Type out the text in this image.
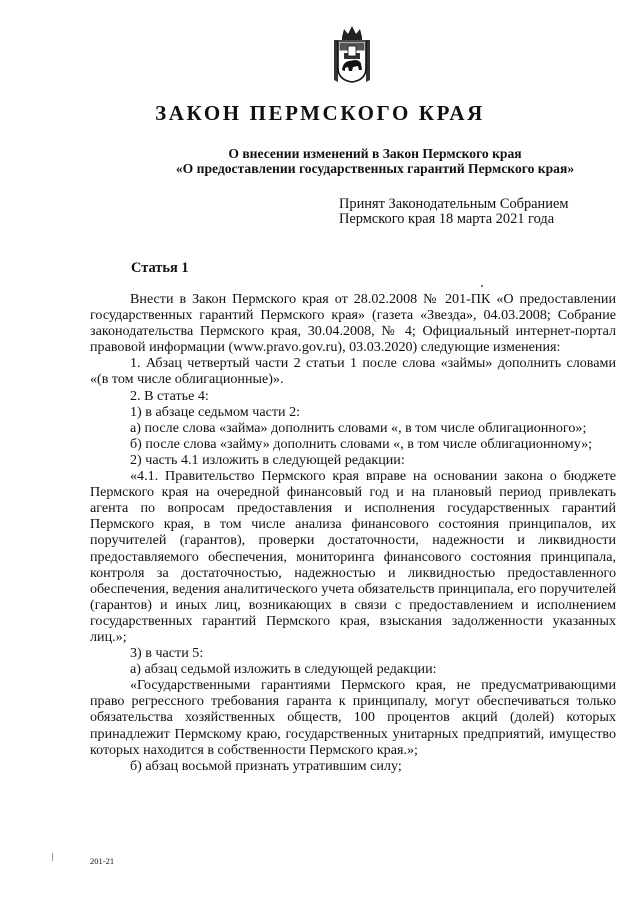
ЗАКОН ПЕРМСКОГО КРАЯ
О внесении изменений в Закон Пермского края
«О предоставлении государственных гарантий Пермского края»
Принят Законодательным Собранием
Пермского края 18 марта 2021 года
Статья 1

Внести в Закон Пермского края от 28.02.2008 № 201-ПК «О предоставлении государственных гарантий Пермского края» (газета «Звезда», 04.03.2008; Собрание законодательства Пермского края, 30.04.2008, № 4; Официальный интернет-портал правовой информации (www.pravo.gov.ru), 03.03.2020) следующие изменения:

1. Абзац четвертый части 2 статьи 1 после слова «займы» дополнить словами «(в том числе облигационные)».

2. В статье 4:

1) в абзаце седьмом части 2:

а) после слова «займа» дополнить словами «, в том числе облигационного»;

б) после слова «займу» дополнить словами «, в том числе облигационному»;

2) часть 4.1 изложить в следующей редакции:

«4.1. Правительство Пермского края вправе на основании закона о бюджете Пермского края на очередной финансовый год и на плановый период привлекать агента по вопросам предоставления и исполнения государственных гарантий Пермского края, в том числе анализа финансового состояния принципалов, их поручителей (гарантов), проверки достаточности, надежности и ликвидности предоставляемого обеспечения, мониторинга финансового состояния принципала, контроля за достаточностью, надежностью и ликвидностью предоставленного обеспечения, ведения аналитического учета обязательств принципала, его поручителей (гарантов) и иных лиц, возникающих в связи с предоставлением и исполнением государственных гарантий Пермского края, взыскания задолженности указанных лиц.»;

3) в части 5:

а) абзац седьмой изложить в следующей редакции:

«Государственными гарантиями Пермского края, не предусматривающими право регрессного требования гаранта к принципалу, могут обеспечиваться только обязательства хозяйственных обществ, 100 процентов акций (долей) которых принадлежит Пермскому краю, государственных унитарных предприятий, имущество которых находится в собственности Пермского края.»;

б) абзац восьмой признать утратившим силу;

201-21
